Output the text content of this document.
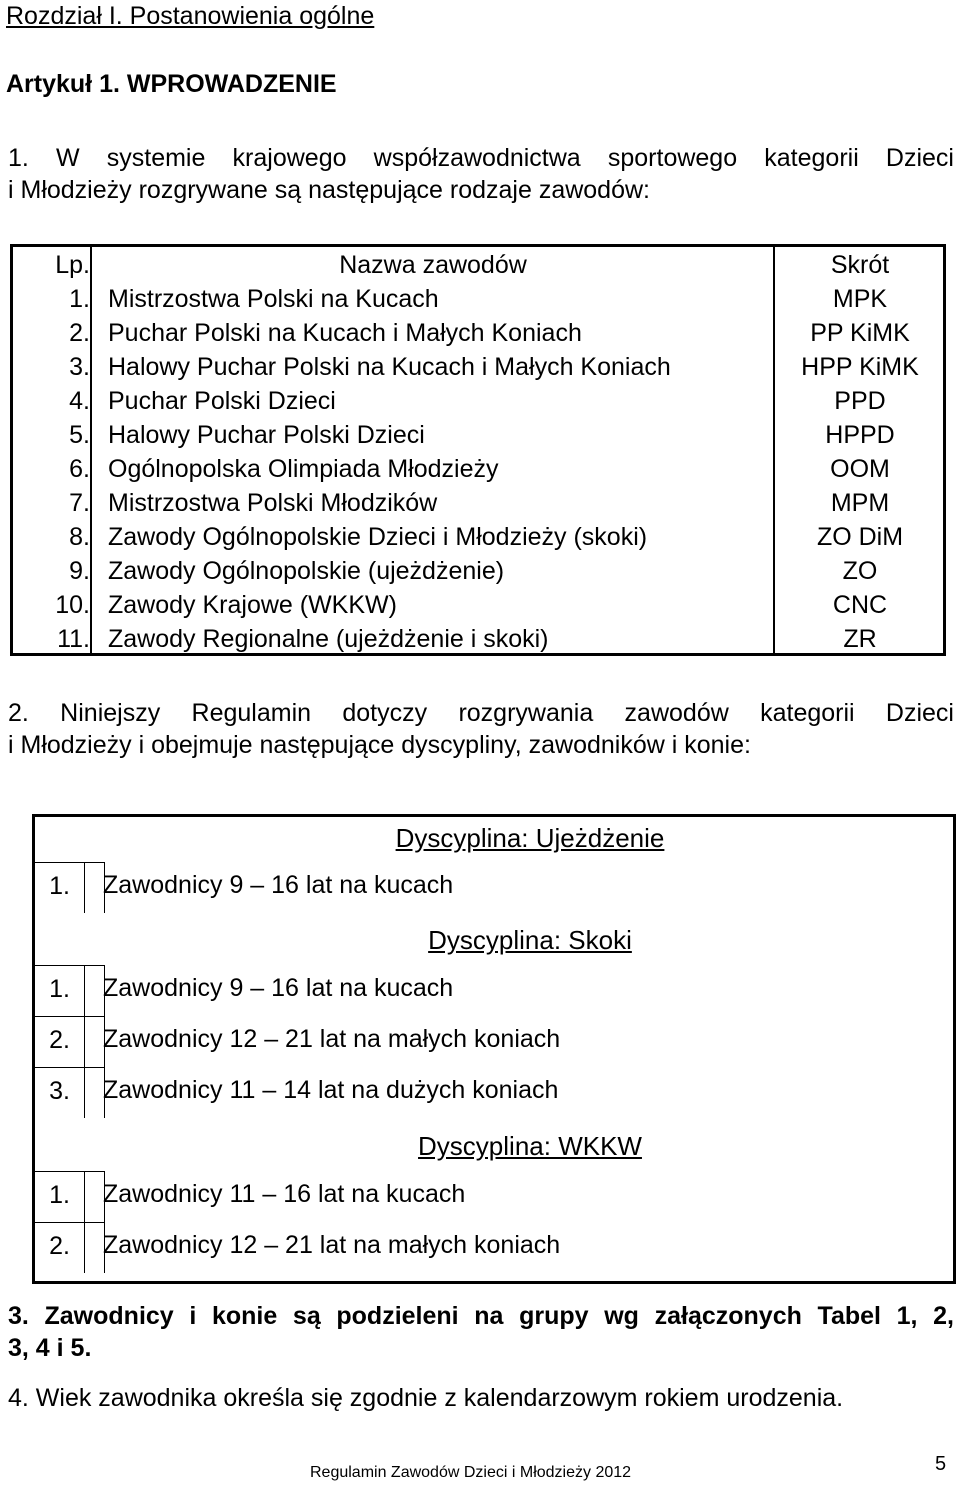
Rozdział I. Postanowienia ogólne
Artykuł 1. WPROWADZENIE
1. W systemie krajowego współzawodnictwa sportowego kategorii Dzieci
i Młodzieży rozgrywane są następujące rodzaje zawodów:
Lp.	Nazwa zawodów	Skrót
1. Mistrzostwa Polski na Kucach	MPK
2. Puchar Polski na Kucach i Małych Koniach	PP KiMK
3. Halowy Puchar Polski na Kucach i Małych Koniach	HPP KiMK
4. Puchar Polski Dzieci	PPD
5. Halowy Puchar Polski Dzieci	HPPD
6. Ogólnopolska Olimpiada Młodzieży	OOM
7. Mistrzostwa Polski Młodzików	MPM
8. Zawody Ogólnopolskie Dzieci i Młodzieży (skoki)	ZO DiM
9. Zawody Ogólnopolskie (ujeżdżenie)	ZO
10. Zawody Krajowe (WKKW)	CNC
11. Zawody Regionalne (ujeżdżenie i skoki)	ZR
2. Niniejszy Regulamin dotyczy rozgrywania zawodów kategorii Dzieci
i Młodzieży i obejmuje następujące dyscypliny, zawodników i konie:
Dyscyplina: Ujeżdżenie
1.	Zawodnicy 9 – 16 lat na kucach
Dyscyplina: Skoki
1.	Zawodnicy 9 – 16 lat na kucach
2.	Zawodnicy 12 – 21 lat na małych koniach
3.	Zawodnicy 11 – 14 lat na dużych koniach
Dyscyplina: WKKW
1.	Zawodnicy 11 – 16 lat na kucach
2.	Zawodnicy 12 – 21 lat na małych koniach
3. Zawodnicy i konie są podzieleni na grupy wg załączonych Tabel 1, 2,
3, 4 i 5.
4. Wiek zawodnika określa się zgodnie z kalendarzowym rokiem urodzenia.
Regulamin Zawodów Dzieci i Młodzieży 2012	5
